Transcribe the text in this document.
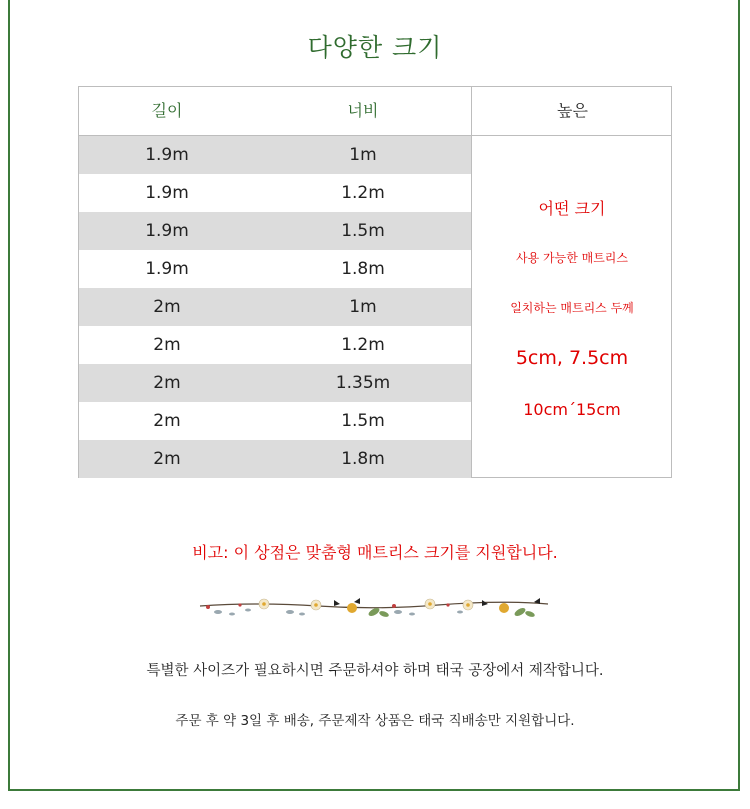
다양한 크기
길이	너비	높은
1.9m	1m
1.9m	1.2m
1.9m	1.5m
1.9m	1.8m
2m	1m
2m	1.2m
2m	1.35m
2m	1.5m
2m	1.8m
어떤 크기
사용 가능한 매트리스
일치하는 매트리스 두께
5cm, 7.5cm
10cm´15cm
비고: 이 상점은 맞춤형 매트리스 크기를 지원합니다.
특별한 사이즈가 필요하시면 주문하셔야 하며 태국 공장에서 제작합니다.
주문 후 약 3일 후 배송, 주문제작 상품은 태국 직배송만 지원합니다.
